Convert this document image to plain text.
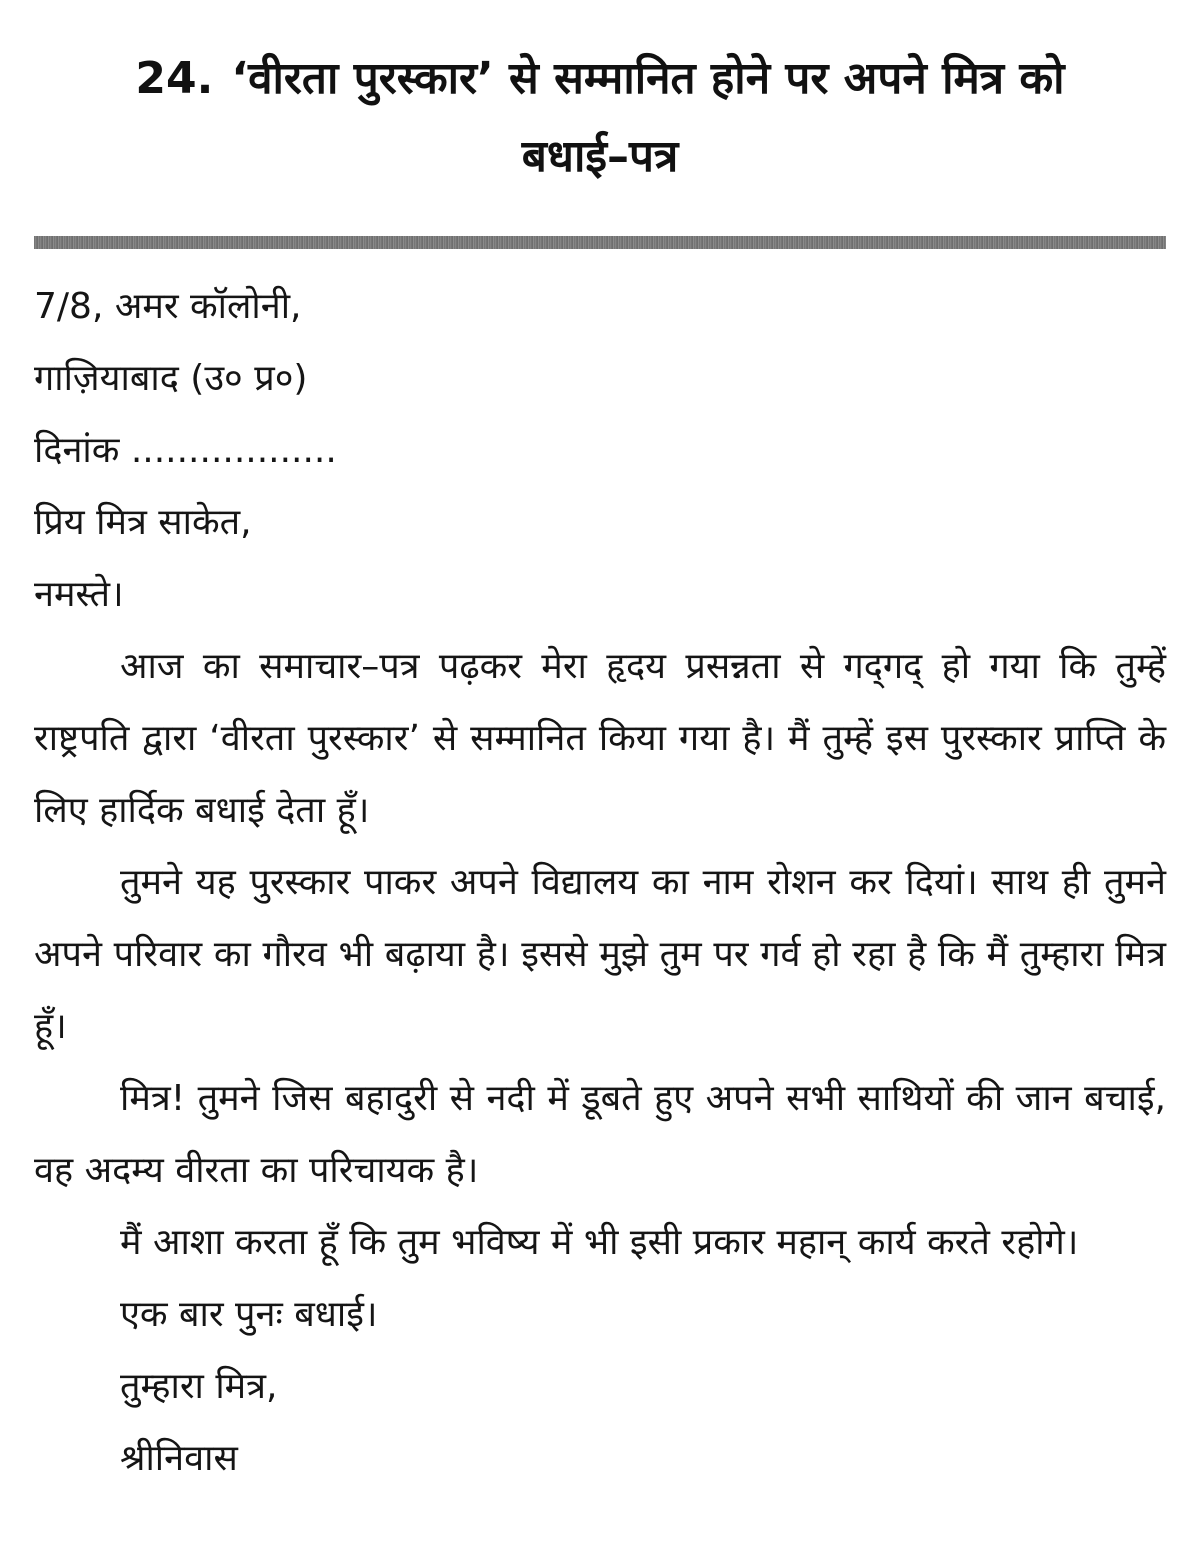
24. ‘वीरता पुरस्कार’ से सम्मानित होने पर अपने मित्र को
बधाई–पत्र
7/8, अमर कॉलोनी,
गाज़ियाबाद (उ० प्र०)
दिनांक ..................
प्रिय मित्र साकेत,
नमस्ते।

आज का समाचार–पत्र पढ़कर मेरा हृदय प्रसन्नता से गद्‌गद् हो गया कि तुम्हें राष्ट्रपति द्वारा ‘वीरता पुरस्कार’ से सम्मानित किया गया है। मैं तुम्हें इस पुरस्कार प्राप्ति के लिए हार्दिक बधाई देता हूँ।

तुमने यह पुरस्कार पाकर अपने विद्यालय का नाम रोशन कर दियां। साथ ही तुमने अपने परिवार का गौरव भी बढ़ाया है। इससे मुझे तुम पर गर्व हो रहा है कि मैं तुम्हारा मित्र हूँ।

मित्र! तुमने जिस बहादुरी से नदी में डूबते हुए अपने सभी साथियों की जान बचाई, वह अदम्य वीरता का परिचायक है।

मैं आशा करता हूँ कि तुम भविष्य में भी इसी प्रकार महान् कार्य करते रहोगे।

एक बार पुनः बधाई।
तुम्हारा मित्र,
श्रीनिवास
